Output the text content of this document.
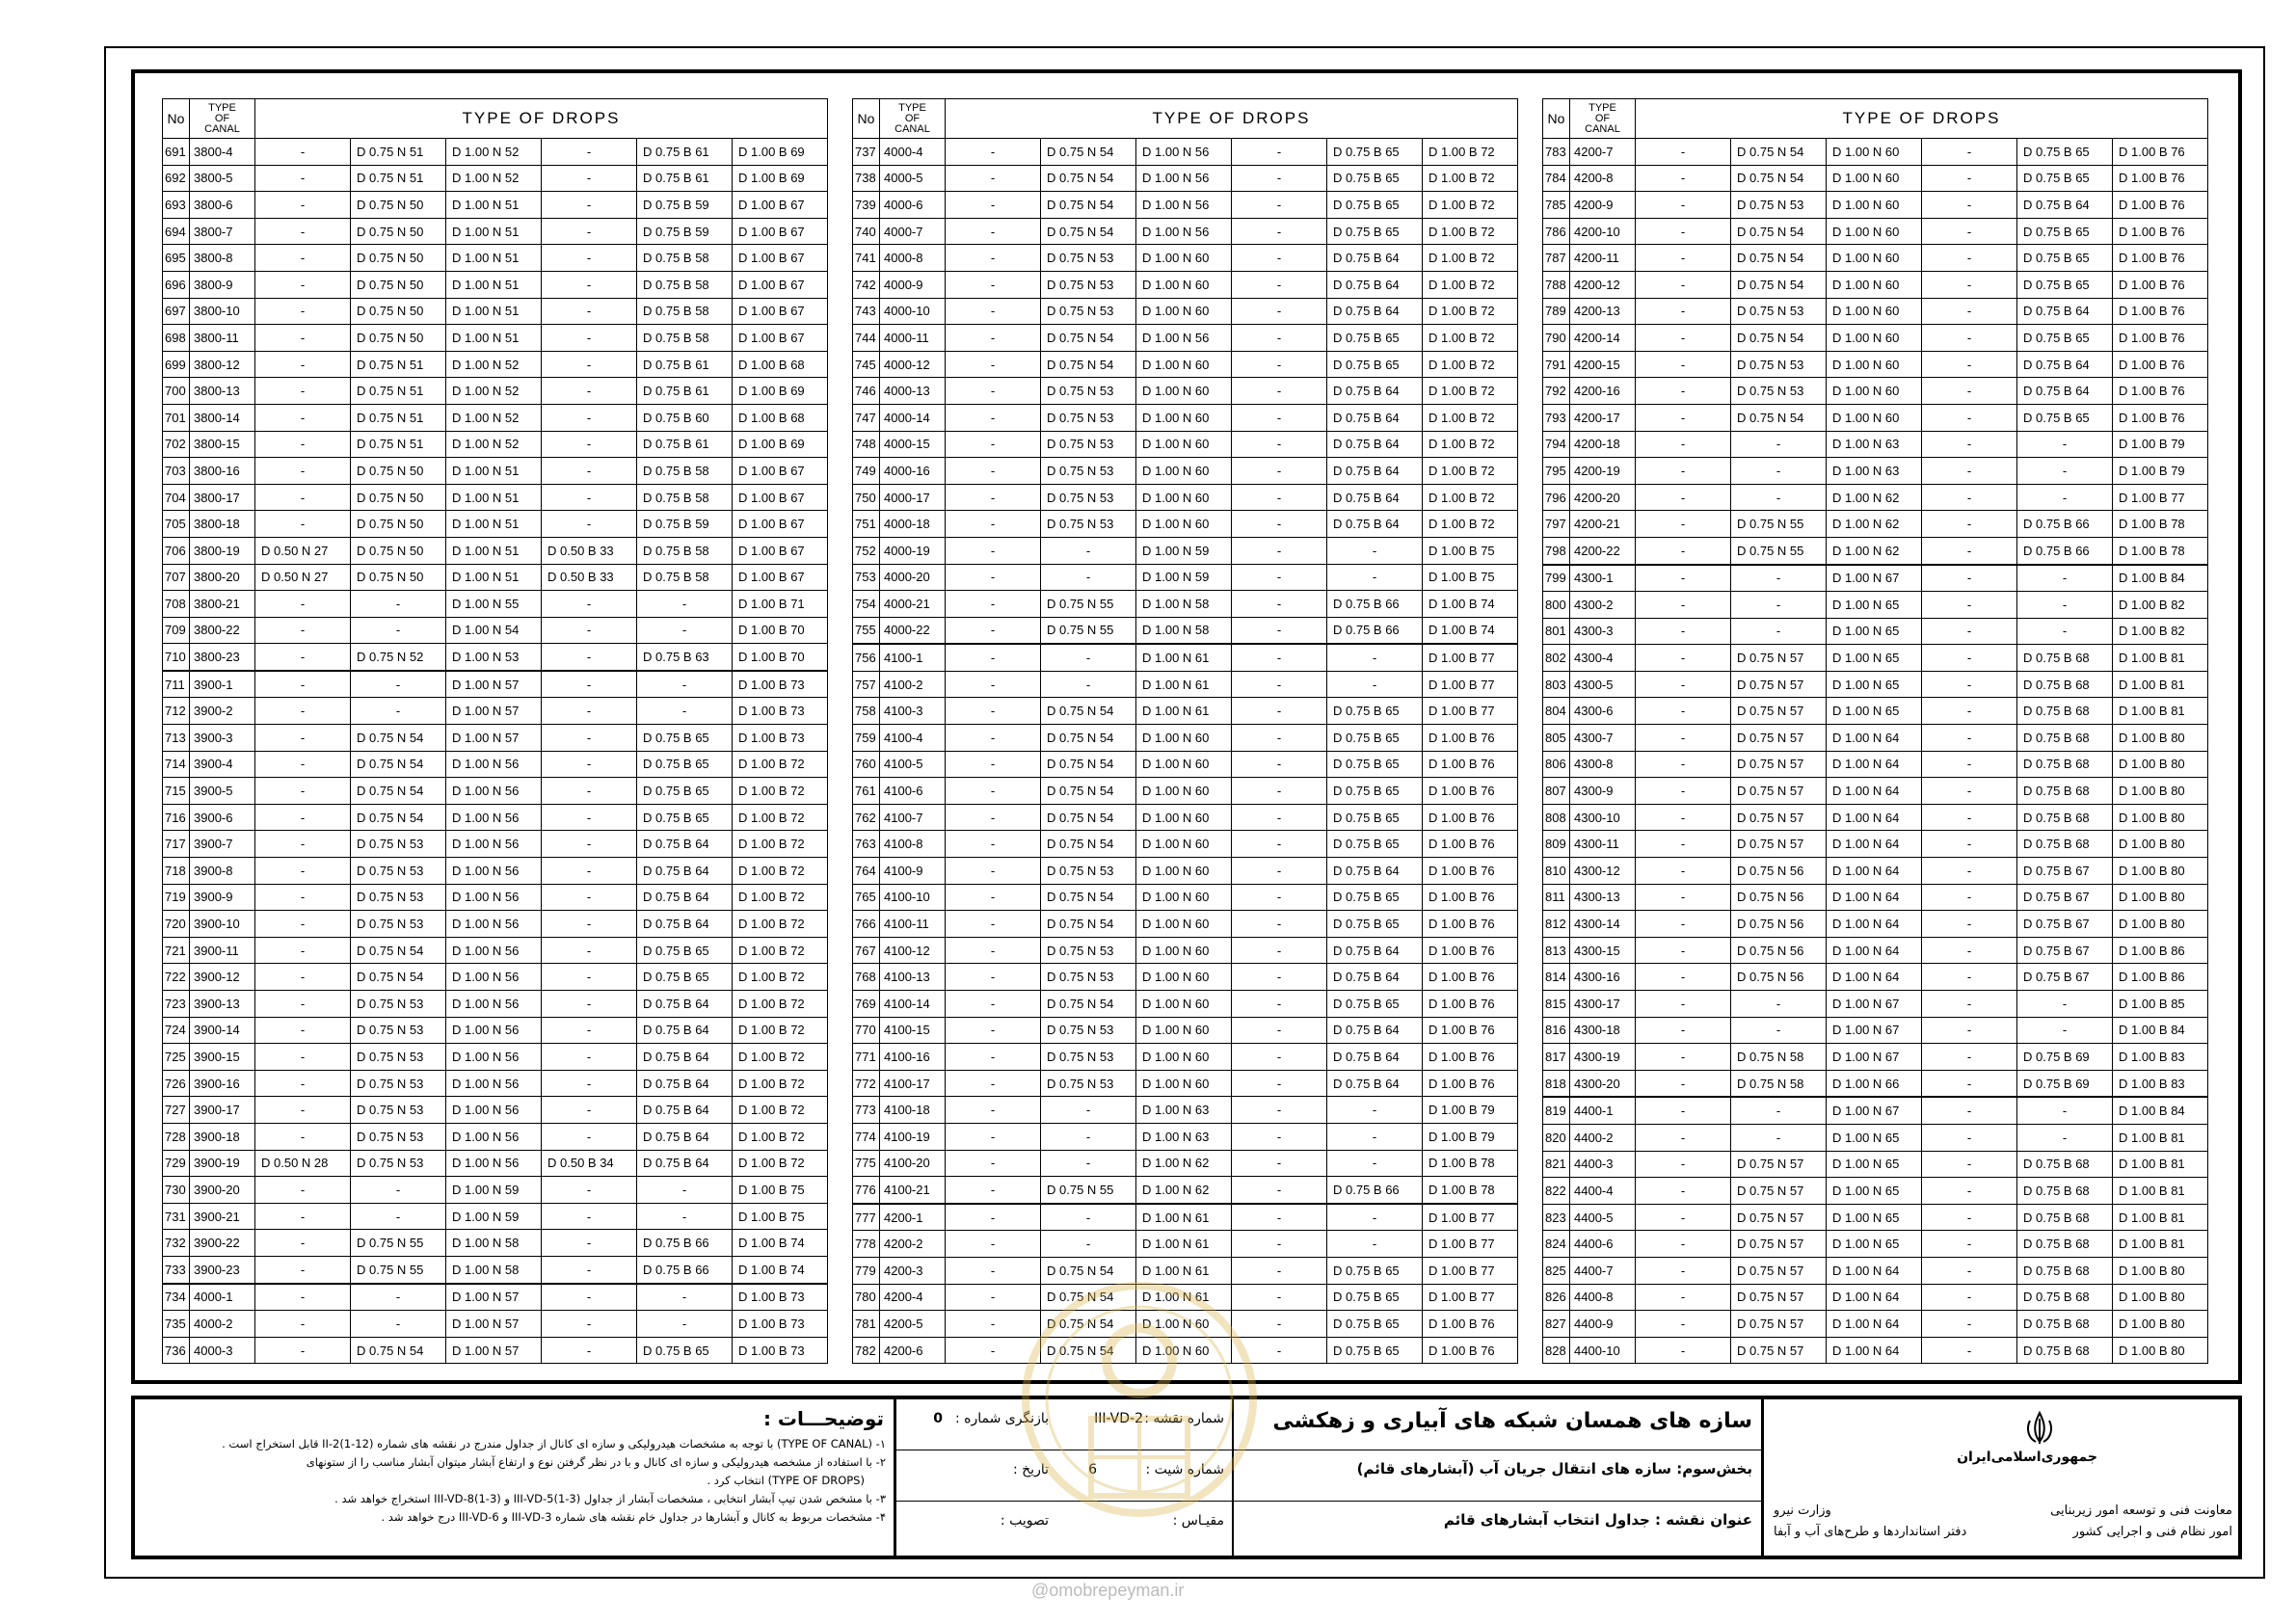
No	TYPE
OF
CANAL	TYPE OF DROPS					
691	3800-4	-	D 0.75 N 51	D 1.00 N 52	-	D 0.75 B 61	D 1.00 B 69
692	3800-5	-	D 0.75 N 51	D 1.00 N 52	-	D 0.75 B 61	D 1.00 B 69
693	3800-6	-	D 0.75 N 50	D 1.00 N 51	-	D 0.75 B 59	D 1.00 B 67
694	3800-7	-	D 0.75 N 50	D 1.00 N 51	-	D 0.75 B 59	D 1.00 B 67
695	3800-8	-	D 0.75 N 50	D 1.00 N 51	-	D 0.75 B 58	D 1.00 B 67
696	3800-9	-	D 0.75 N 50	D 1.00 N 51	-	D 0.75 B 58	D 1.00 B 67
697	3800-10	-	D 0.75 N 50	D 1.00 N 51	-	D 0.75 B 58	D 1.00 B 67
698	3800-11	-	D 0.75 N 50	D 1.00 N 51	-	D 0.75 B 58	D 1.00 B 67
699	3800-12	-	D 0.75 N 51	D 1.00 N 52	-	D 0.75 B 61	D 1.00 B 68
700	3800-13	-	D 0.75 N 51	D 1.00 N 52	-	D 0.75 B 61	D 1.00 B 69
701	3800-14	-	D 0.75 N 51	D 1.00 N 52	-	D 0.75 B 60	D 1.00 B 68
702	3800-15	-	D 0.75 N 51	D 1.00 N 52	-	D 0.75 B 61	D 1.00 B 69
703	3800-16	-	D 0.75 N 50	D 1.00 N 51	-	D 0.75 B 58	D 1.00 B 67
704	3800-17	-	D 0.75 N 50	D 1.00 N 51	-	D 0.75 B 58	D 1.00 B 67
705	3800-18	-	D 0.75 N 50	D 1.00 N 51	-	D 0.75 B 59	D 1.00 B 67
706	3800-19	D 0.50 N 27	D 0.75 N 50	D 1.00 N 51	D 0.50 B 33	D 0.75 B 58	D 1.00 B 67
707	3800-20	D 0.50 N 27	D 0.75 N 50	D 1.00 N 51	D 0.50 B 33	D 0.75 B 58	D 1.00 B 67
708	3800-21	-	-	D 1.00 N 55	-	-	D 1.00 B 71
709	3800-22	-	-	D 1.00 N 54	-	-	D 1.00 B 70
710	3800-23	-	D 0.75 N 52	D 1.00 N 53	-	D 0.75 B 63	D 1.00 B 70
711	3900-1	-	-	D 1.00 N 57	-	-	D 1.00 B 73
712	3900-2	-	-	D 1.00 N 57	-	-	D 1.00 B 73
713	3900-3	-	D 0.75 N 54	D 1.00 N 57	-	D 0.75 B 65	D 1.00 B 73
714	3900-4	-	D 0.75 N 54	D 1.00 N 56	-	D 0.75 B 65	D 1.00 B 72
715	3900-5	-	D 0.75 N 54	D 1.00 N 56	-	D 0.75 B 65	D 1.00 B 72
716	3900-6	-	D 0.75 N 54	D 1.00 N 56	-	D 0.75 B 65	D 1.00 B 72
717	3900-7	-	D 0.75 N 53	D 1.00 N 56	-	D 0.75 B 64	D 1.00 B 72
718	3900-8	-	D 0.75 N 53	D 1.00 N 56	-	D 0.75 B 64	D 1.00 B 72
719	3900-9	-	D 0.75 N 53	D 1.00 N 56	-	D 0.75 B 64	D 1.00 B 72
720	3900-10	-	D 0.75 N 53	D 1.00 N 56	-	D 0.75 B 64	D 1.00 B 72
721	3900-11	-	D 0.75 N 54	D 1.00 N 56	-	D 0.75 B 65	D 1.00 B 72
722	3900-12	-	D 0.75 N 54	D 1.00 N 56	-	D 0.75 B 65	D 1.00 B 72
723	3900-13	-	D 0.75 N 53	D 1.00 N 56	-	D 0.75 B 64	D 1.00 B 72
724	3900-14	-	D 0.75 N 53	D 1.00 N 56	-	D 0.75 B 64	D 1.00 B 72
725	3900-15	-	D 0.75 N 53	D 1.00 N 56	-	D 0.75 B 64	D 1.00 B 72
726	3900-16	-	D 0.75 N 53	D 1.00 N 56	-	D 0.75 B 64	D 1.00 B 72
727	3900-17	-	D 0.75 N 53	D 1.00 N 56	-	D 0.75 B 64	D 1.00 B 72
728	3900-18	-	D 0.75 N 53	D 1.00 N 56	-	D 0.75 B 64	D 1.00 B 72
729	3900-19	D 0.50 N 28	D 0.75 N 53	D 1.00 N 56	D 0.50 B 34	D 0.75 B 64	D 1.00 B 72
730	3900-20	-	-	D 1.00 N 59	-	-	D 1.00 B 75
731	3900-21	-	-	D 1.00 N 59	-	-	D 1.00 B 75
732	3900-22	-	D 0.75 N 55	D 1.00 N 58	-	D 0.75 B 66	D 1.00 B 74
733	3900-23	-	D 0.75 N 55	D 1.00 N 58	-	D 0.75 B 66	D 1.00 B 74
734	4000-1	-	-	D 1.00 N 57	-	-	D 1.00 B 73
735	4000-2	-	-	D 1.00 N 57	-	-	D 1.00 B 73
736	4000-3	-	D 0.75 N 54	D 1.00 N 57	-	D 0.75 B 65	D 1.00 B 73
No	TYPE
OF
CANAL	TYPE OF DROPS					
737	4000-4	-	D 0.75 N 54	D 1.00 N 56	-	D 0.75 B 65	D 1.00 B 72
738	4000-5	-	D 0.75 N 54	D 1.00 N 56	-	D 0.75 B 65	D 1.00 B 72
739	4000-6	-	D 0.75 N 54	D 1.00 N 56	-	D 0.75 B 65	D 1.00 B 72
740	4000-7	-	D 0.75 N 54	D 1.00 N 56	-	D 0.75 B 65	D 1.00 B 72
741	4000-8	-	D 0.75 N 53	D 1.00 N 60	-	D 0.75 B 64	D 1.00 B 72
742	4000-9	-	D 0.75 N 53	D 1.00 N 60	-	D 0.75 B 64	D 1.00 B 72
743	4000-10	-	D 0.75 N 53	D 1.00 N 60	-	D 0.75 B 64	D 1.00 B 72
744	4000-11	-	D 0.75 N 54	D 1.00 N 56	-	D 0.75 B 65	D 1.00 B 72
745	4000-12	-	D 0.75 N 54	D 1.00 N 60	-	D 0.75 B 65	D 1.00 B 72
746	4000-13	-	D 0.75 N 53	D 1.00 N 60	-	D 0.75 B 64	D 1.00 B 72
747	4000-14	-	D 0.75 N 53	D 1.00 N 60	-	D 0.75 B 64	D 1.00 B 72
748	4000-15	-	D 0.75 N 53	D 1.00 N 60	-	D 0.75 B 64	D 1.00 B 72
749	4000-16	-	D 0.75 N 53	D 1.00 N 60	-	D 0.75 B 64	D 1.00 B 72
750	4000-17	-	D 0.75 N 53	D 1.00 N 60	-	D 0.75 B 64	D 1.00 B 72
751	4000-18	-	D 0.75 N 53	D 1.00 N 60	-	D 0.75 B 64	D 1.00 B 72
752	4000-19	-	-	D 1.00 N 59	-	-	D 1.00 B 75
753	4000-20	-	-	D 1.00 N 59	-	-	D 1.00 B 75
754	4000-21	-	D 0.75 N 55	D 1.00 N 58	-	D 0.75 B 66	D 1.00 B 74
755	4000-22	-	D 0.75 N 55	D 1.00 N 58	-	D 0.75 B 66	D 1.00 B 74
756	4100-1	-	-	D 1.00 N 61	-	-	D 1.00 B 77
757	4100-2	-	-	D 1.00 N 61	-	-	D 1.00 B 77
758	4100-3	-	D 0.75 N 54	D 1.00 N 61	-	D 0.75 B 65	D 1.00 B 77
759	4100-4	-	D 0.75 N 54	D 1.00 N 60	-	D 0.75 B 65	D 1.00 B 76
760	4100-5	-	D 0.75 N 54	D 1.00 N 60	-	D 0.75 B 65	D 1.00 B 76
761	4100-6	-	D 0.75 N 54	D 1.00 N 60	-	D 0.75 B 65	D 1.00 B 76
762	4100-7	-	D 0.75 N 54	D 1.00 N 60	-	D 0.75 B 65	D 1.00 B 76
763	4100-8	-	D 0.75 N 54	D 1.00 N 60	-	D 0.75 B 65	D 1.00 B 76
764	4100-9	-	D 0.75 N 53	D 1.00 N 60	-	D 0.75 B 64	D 1.00 B 76
765	4100-10	-	D 0.75 N 54	D 1.00 N 60	-	D 0.75 B 65	D 1.00 B 76
766	4100-11	-	D 0.75 N 54	D 1.00 N 60	-	D 0.75 B 65	D 1.00 B 76
767	4100-12	-	D 0.75 N 53	D 1.00 N 60	-	D 0.75 B 64	D 1.00 B 76
768	4100-13	-	D 0.75 N 53	D 1.00 N 60	-	D 0.75 B 64	D 1.00 B 76
769	4100-14	-	D 0.75 N 54	D 1.00 N 60	-	D 0.75 B 65	D 1.00 B 76
770	4100-15	-	D 0.75 N 53	D 1.00 N 60	-	D 0.75 B 64	D 1.00 B 76
771	4100-16	-	D 0.75 N 53	D 1.00 N 60	-	D 0.75 B 64	D 1.00 B 76
772	4100-17	-	D 0.75 N 53	D 1.00 N 60	-	D 0.75 B 64	D 1.00 B 76
773	4100-18	-	-	D 1.00 N 63	-	-	D 1.00 B 79
774	4100-19	-	-	D 1.00 N 63	-	-	D 1.00 B 79
775	4100-20	-	-	D 1.00 N 62	-	-	D 1.00 B 78
776	4100-21	-	D 0.75 N 55	D 1.00 N 62	-	D 0.75 B 66	D 1.00 B 78
777	4200-1	-	-	D 1.00 N 61	-	-	D 1.00 B 77
778	4200-2	-	-	D 1.00 N 61	-	-	D 1.00 B 77
779	4200-3	-	D 0.75 N 54	D 1.00 N 61	-	D 0.75 B 65	D 1.00 B 77
780	4200-4	-	D 0.75 N 54	D 1.00 N 61	-	D 0.75 B 65	D 1.00 B 77
781	4200-5	-	D 0.75 N 54	D 1.00 N 60	-	D 0.75 B 65	D 1.00 B 76
782	4200-6	-	D 0.75 N 54	D 1.00 N 60	-	D 0.75 B 65	D 1.00 B 76
No	TYPE
OF
CANAL	TYPE OF DROPS					
783	4200-7	-	D 0.75 N 54	D 1.00 N 60	-	D 0.75 B 65	D 1.00 B 76
784	4200-8	-	D 0.75 N 54	D 1.00 N 60	-	D 0.75 B 65	D 1.00 B 76
785	4200-9	-	D 0.75 N 53	D 1.00 N 60	-	D 0.75 B 64	D 1.00 B 76
786	4200-10	-	D 0.75 N 54	D 1.00 N 60	-	D 0.75 B 65	D 1.00 B 76
787	4200-11	-	D 0.75 N 54	D 1.00 N 60	-	D 0.75 B 65	D 1.00 B 76
788	4200-12	-	D 0.75 N 54	D 1.00 N 60	-	D 0.75 B 65	D 1.00 B 76
789	4200-13	-	D 0.75 N 53	D 1.00 N 60	-	D 0.75 B 64	D 1.00 B 76
790	4200-14	-	D 0.75 N 54	D 1.00 N 60	-	D 0.75 B 65	D 1.00 B 76
791	4200-15	-	D 0.75 N 53	D 1.00 N 60	-	D 0.75 B 64	D 1.00 B 76
792	4200-16	-	D 0.75 N 53	D 1.00 N 60	-	D 0.75 B 64	D 1.00 B 76
793	4200-17	-	D 0.75 N 54	D 1.00 N 60	-	D 0.75 B 65	D 1.00 B 76
794	4200-18	-	-	D 1.00 N 63	-	-	D 1.00 B 79
795	4200-19	-	-	D 1.00 N 63	-	-	D 1.00 B 79
796	4200-20	-	-	D 1.00 N 62	-	-	D 1.00 B 77
797	4200-21	-	D 0.75 N 55	D 1.00 N 62	-	D 0.75 B 66	D 1.00 B 78
798	4200-22	-	D 0.75 N 55	D 1.00 N 62	-	D 0.75 B 66	D 1.00 B 78
799	4300-1	-	-	D 1.00 N 67	-	-	D 1.00 B 84
800	4300-2	-	-	D 1.00 N 65	-	-	D 1.00 B 82
801	4300-3	-	-	D 1.00 N 65	-	-	D 1.00 B 82
802	4300-4	-	D 0.75 N 57	D 1.00 N 65	-	D 0.75 B 68	D 1.00 B 81
803	4300-5	-	D 0.75 N 57	D 1.00 N 65	-	D 0.75 B 68	D 1.00 B 81
804	4300-6	-	D 0.75 N 57	D 1.00 N 65	-	D 0.75 B 68	D 1.00 B 81
805	4300-7	-	D 0.75 N 57	D 1.00 N 64	-	D 0.75 B 68	D 1.00 B 80
806	4300-8	-	D 0.75 N 57	D 1.00 N 64	-	D 0.75 B 68	D 1.00 B 80
807	4300-9	-	D 0.75 N 57	D 1.00 N 64	-	D 0.75 B 68	D 1.00 B 80
808	4300-10	-	D 0.75 N 57	D 1.00 N 64	-	D 0.75 B 68	D 1.00 B 80
809	4300-11	-	D 0.75 N 57	D 1.00 N 64	-	D 0.75 B 68	D 1.00 B 80
810	4300-12	-	D 0.75 N 56	D 1.00 N 64	-	D 0.75 B 67	D 1.00 B 80
811	4300-13	-	D 0.75 N 56	D 1.00 N 64	-	D 0.75 B 67	D 1.00 B 80
812	4300-14	-	D 0.75 N 56	D 1.00 N 64	-	D 0.75 B 67	D 1.00 B 80
813	4300-15	-	D 0.75 N 56	D 1.00 N 64	-	D 0.75 B 67	D 1.00 B 86
814	4300-16	-	D 0.75 N 56	D 1.00 N 64	-	D 0.75 B 67	D 1.00 B 86
815	4300-17	-	-	D 1.00 N 67	-	-	D 1.00 B 85
816	4300-18	-	-	D 1.00 N 67	-	-	D 1.00 B 84
817	4300-19	-	D 0.75 N 58	D 1.00 N 67	-	D 0.75 B 69	D 1.00 B 83
818	4300-20	-	D 0.75 N 58	D 1.00 N 66	-	D 0.75 B 69	D 1.00 B 83
819	4400-1	-	-	D 1.00 N 67	-	-	D 1.00 B 84
820	4400-2	-	-	D 1.00 N 65	-	-	D 1.00 B 81
821	4400-3	-	D 0.75 N 57	D 1.00 N 65	-	D 0.75 B 68	D 1.00 B 81
822	4400-4	-	D 0.75 N 57	D 1.00 N 65	-	D 0.75 B 68	D 1.00 B 81
823	4400-5	-	D 0.75 N 57	D 1.00 N 65	-	D 0.75 B 68	D 1.00 B 81
824	4400-6	-	D 0.75 N 57	D 1.00 N 65	-	D 0.75 B 68	D 1.00 B 81
825	4400-7	-	D 0.75 N 57	D 1.00 N 64	-	D 0.75 B 68	D 1.00 B 80
826	4400-8	-	D 0.75 N 57	D 1.00 N 64	-	D 0.75 B 68	D 1.00 B 80
827	4400-9	-	D 0.75 N 57	D 1.00 N 64	-	D 0.75 B 68	D 1.00 B 80
828	4400-10	-	D 0.75 N 57	D 1.00 N 64	-	D 0.75 B 68	D 1.00 B 80
توضیحـــات :
۱- (TYPE OF CANAL) با توجه به مشخصات هیدرولیکی و سازه ای کانال از جداول مندرج در نقشه های شماره (II-2(1-12 قابل استخراج است .
۲- با استفاده از مشخصه هیدرولیکی و سازه ای کانال و با در نظر گرفتن نوع و ارتفاع آبشار میتوان آبشار مناسب را از ستونهای
(TYPE OF DROPS) انتخاب کرد .
۳- با مشخص شدن تیپ آبشار انتخابی ، مشخصات آبشار از جداول (III-VD-5(1-3 و (III-VD-8(1-3 استخراج خواهد شد .
۴- مشخصات مربوط به کانال و آبشارها در جداول خام نقشه های شماره III-VD-3 و III-VD-6 درج خواهد شد .
شماره نقشه :
III-VD-2
بازنگری شماره :
0
شماره شیت :
6
تاریخ :
مقیـاس :
تصویب :
سازه های همسان شبکه های آبیاری و زهکشی
بخش‌سوم: سازه های انتقال جریان آب (آبشارهای قائم)
عنوان نقشه : جداول انتخاب آبشارهای قائم
جمهوری‌اسلامی‌ایران
معاونت فنی و توسعه امور زیربنایی
وزارت نیرو
امور نظام فنی و اجرایی کشور
دفتر استانداردها و طرح‌های آب و آبفا
@omobrepeyman.ir
